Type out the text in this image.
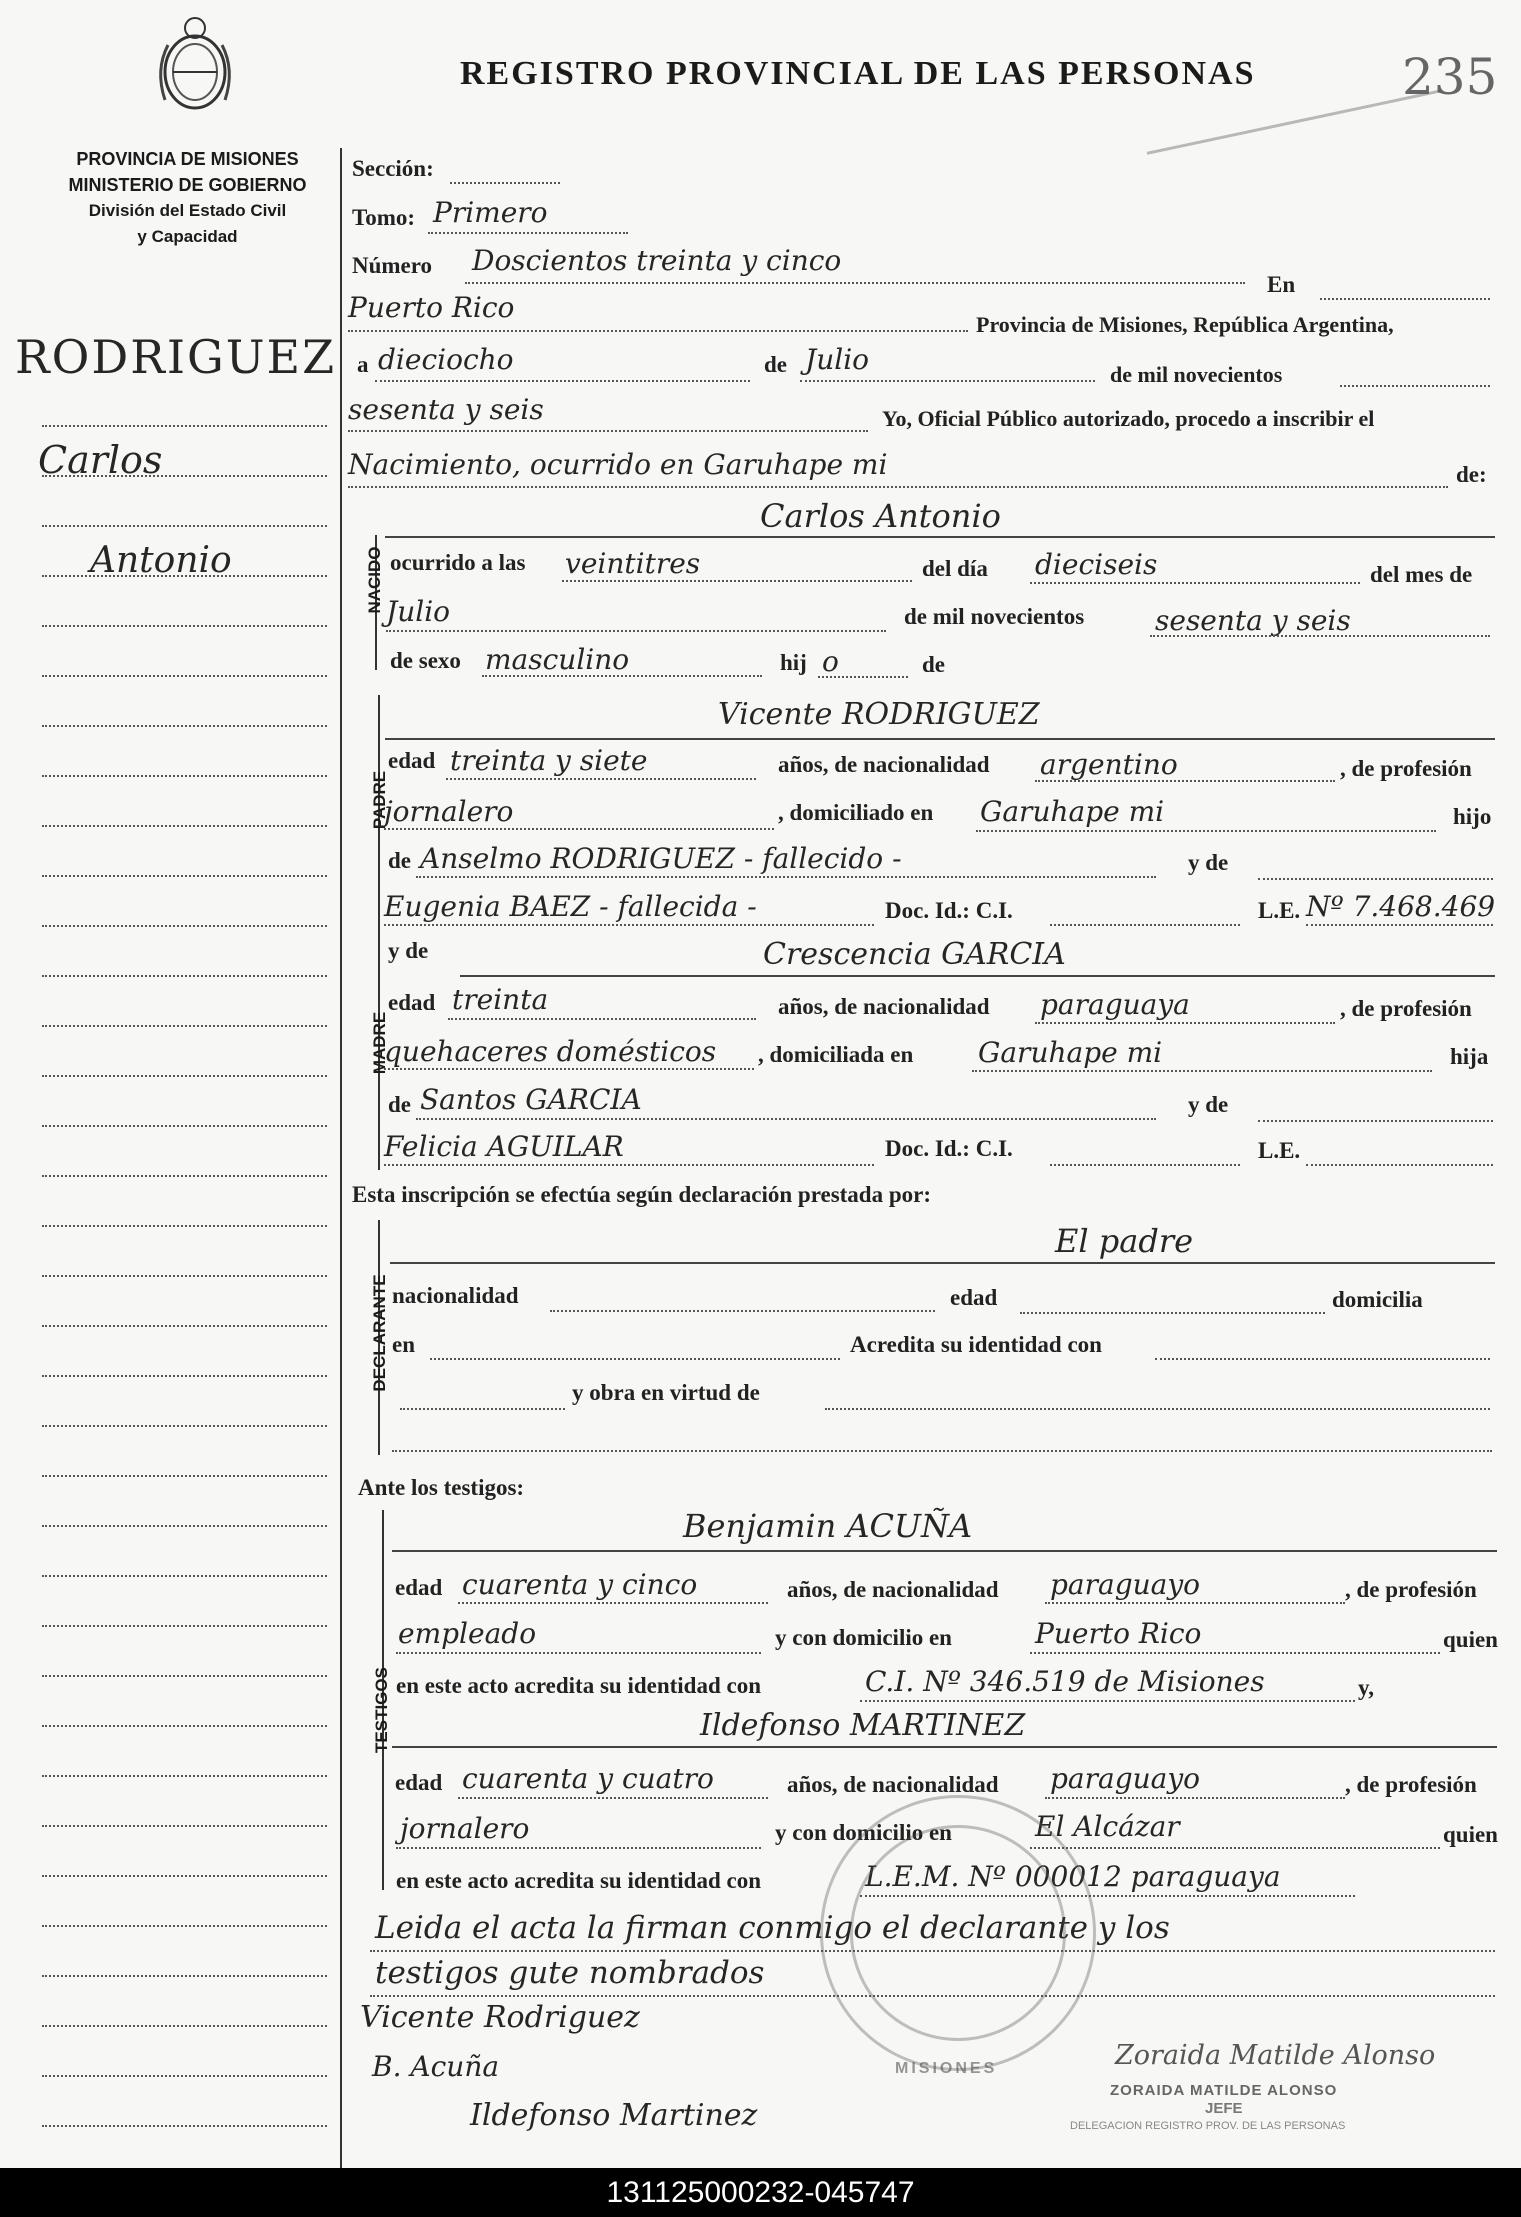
REGISTRO PROVINCIAL DE LAS PERSONAS	235
PROVINCIA DE MISIONES
MINISTERIO DE GOBIERNO
División del Estado Civil
y Capacidad
RODRIGUEZ
Carlos
Antonio
Sección:
Tomo: Primero
Número Doscientos treinta y cinco
En
Puerto Rico
Provincia de Misiones, República Argentina,
a dieciocho	de Julio	de mil novecientos
sesenta y seis	Yo, Oficial Público autorizado, procedo a inscribir el
Nacimiento, ocurrido en Garuhape mi	de:
NACIDO
Carlos Antonio
ocurrido a las veintitres	del día dieciseis	del mes de
Julio	de mil novecientos	sesenta y seis
de sexo masculino	hij o	de
PADRE
Vicente RODRIGUEZ
edad treinta y siete	años, de nacionalidad argentino	, de profesión
jornalero	, domiciliado en Garuhape mi	hijo
de Anselmo RODRIGUEZ - fallecido -	y de
Eugenia BAEZ - fallecida -	Doc. Id.: C.I.	L.E. Nº 7.468.469
MADRE
y de	Crescencia GARCIA
edad treinta	años, de nacionalidad paraguaya	, de profesión
quehaceres domésticos , domiciliada en Garuhape mi	hija
de Santos GARCIA	y de
Felicia AGUILAR	Doc. Id.: C.I.	L.E.
Esta inscripción se efectúa según declaración prestada por:
DECLARANTE
El padre
nacionalidad	edad	domicilia
en	Acredita su identidad con
y obra en virtud de
Ante los testigos:
TESTIGOS
Benjamin ACUÑA
edad cuarenta y cinco	años, de nacionalidad paraguayo	, de profesión
empleado	y con domicilio en	Puerto Rico	quien
en este acto acredita su identidad con	C.I. Nº 346.519 de Misiones	y,
Ildefonso MARTINEZ
edad cuarenta y cuatro	años, de nacionalidad paraguayo	, de profesión
jornalero	y con domicilio en	El Alcázar	quien
en este acto acredita su identidad con	L.E.M. Nº 000012 paraguaya
Leida el acta la firman conmigo el declarante y los
testigos gute nombrados
Vicente Rodriguez
B. Acuña
Ildefonso Martinez
Zoraida Matilde Alonso
ZORAIDA MATILDE ALONSO
JEFE
DELEGACION REGISTRO PROV. DE LAS PERSONAS
MISIONES
131125000232-045747
